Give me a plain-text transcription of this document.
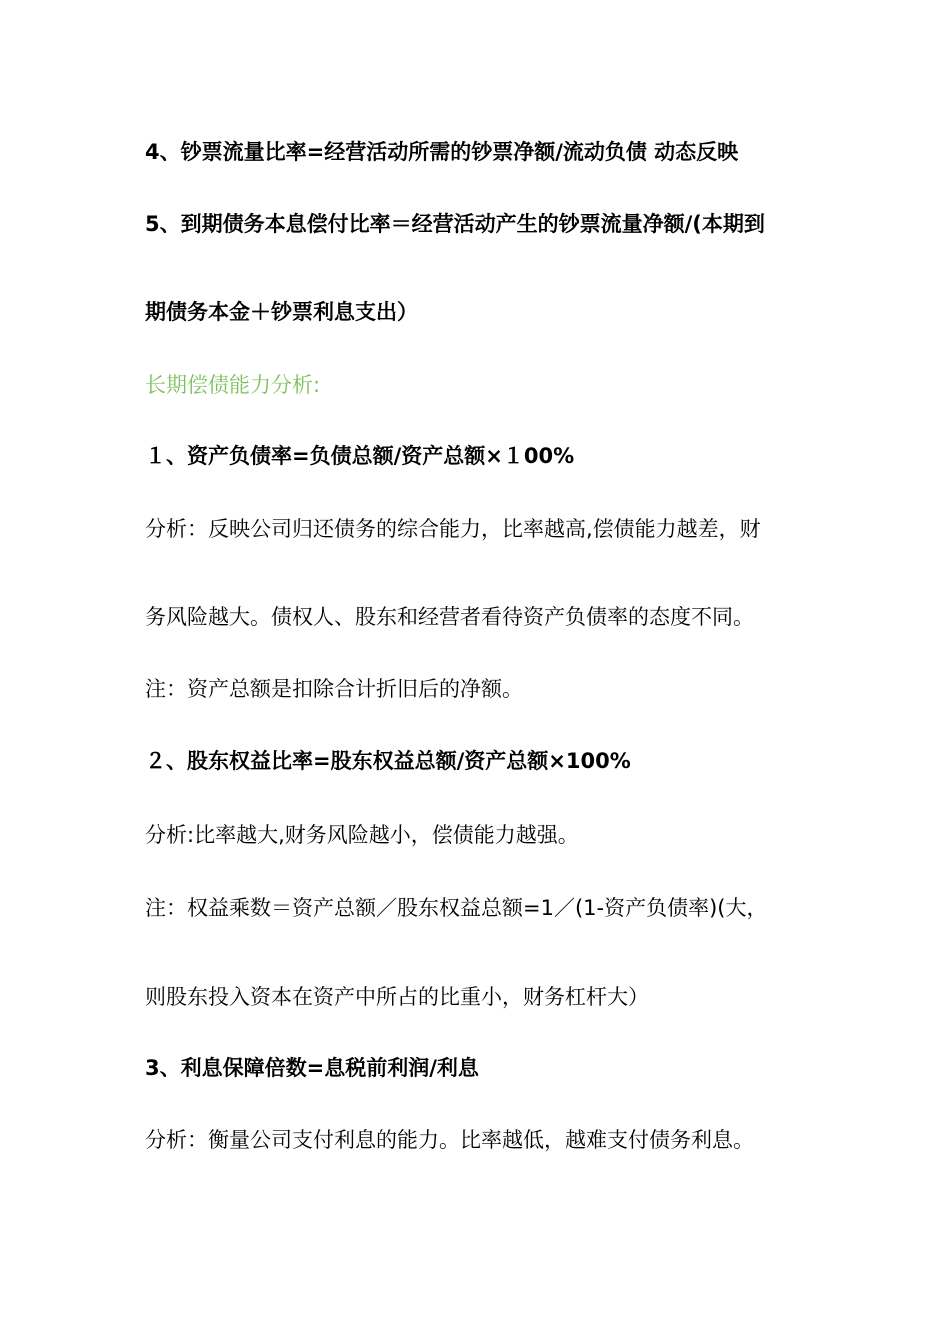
4、钞票流量比率=经营活动所需的钞票净额/流动负债 动态反映
5、到期债务本息偿付比率＝经营活动产生的钞票流量净额/(本期到
期债务本金＋钞票利息支出）
长期偿债能力分析:
１、资产负债率=负债总额/资产总额×１00%
分析：反映公司归还债务的综合能力，比率越高,偿债能力越差，财
务风险越大。债权人、股东和经营者看待资产负债率的态度不同。
注：资产总额是扣除合计折旧后的净额。
２、股东权益比率=股东权益总额/资产总额×100%
分析:比率越大,财务风险越小，偿债能力越强。
注：权益乘数＝资产总额／股东权益总额=1／(1-资产负债率)(大，
则股东投入资本在资产中所占的比重小，财务杠杆大）
3、利息保障倍数=息税前利润/利息
分析：衡量公司支付利息的能力。比率越低，越难支付债务利息。
